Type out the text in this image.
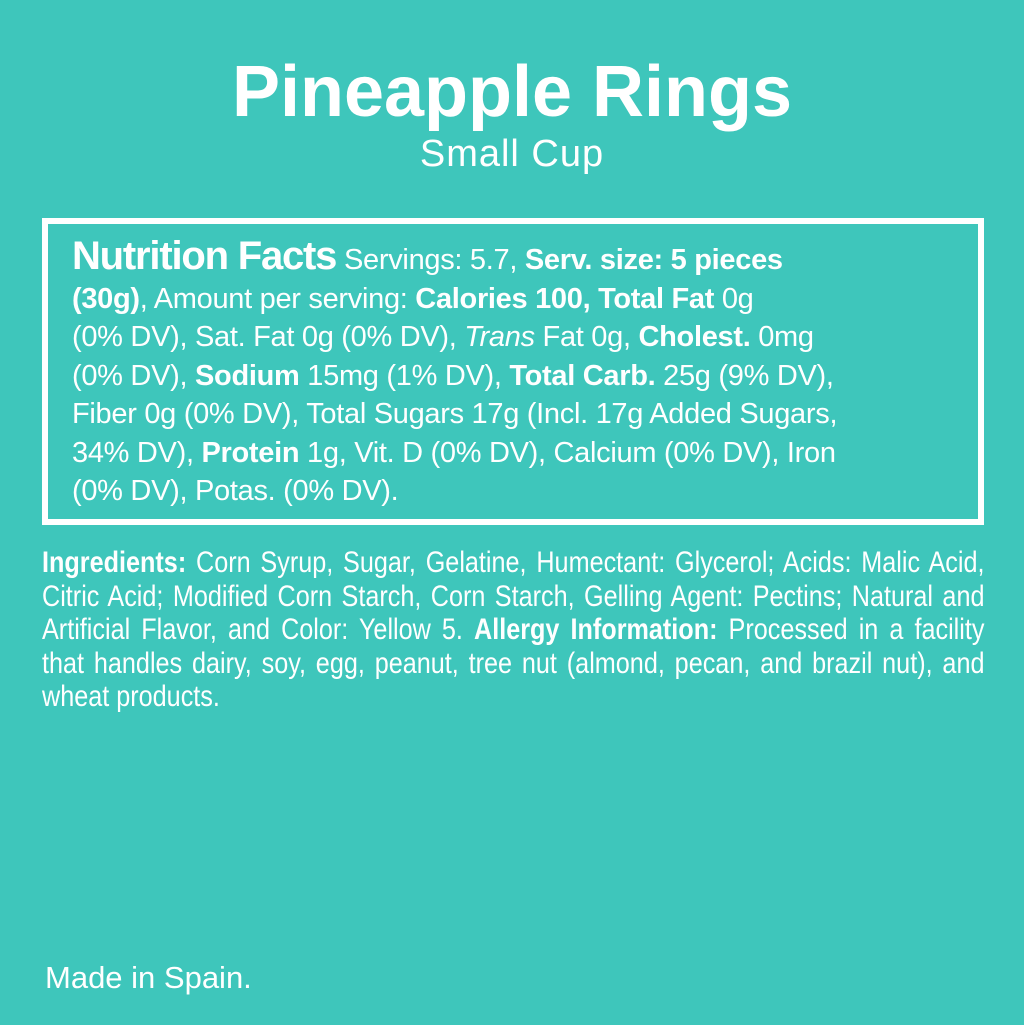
Pineapple Rings
Small Cup

Nutrition Facts Servings: 5.7, Serv. size: 5 pieces
(30g), Amount per serving: Calories 100, Total Fat 0g
(0% DV), Sat. Fat 0g (0% DV), Trans Fat 0g, Cholest. 0mg
(0% DV), Sodium 15mg (1% DV), Total Carb. 25g (9% DV),
Fiber 0g (0% DV), Total Sugars 17g (Incl. 17g Added Sugars,
34% DV), Protein 1g, Vit. D (0% DV), Calcium (0% DV), Iron
(0% DV), Potas. (0% DV).

Ingredients: Corn Syrup, Sugar, Gelatine, Humectant: Glycerol; Acids: Malic Acid, Citric Acid; Modified Corn Starch, Corn Starch, Gelling Agent: Pectins; Natural and Artificial Flavor, and Color: Yellow 5. Allergy Information: Processed in a facility that handles dairy, soy, egg, peanut, tree nut (almond, pecan, and brazil nut), and wheat products.

Made in Spain.
